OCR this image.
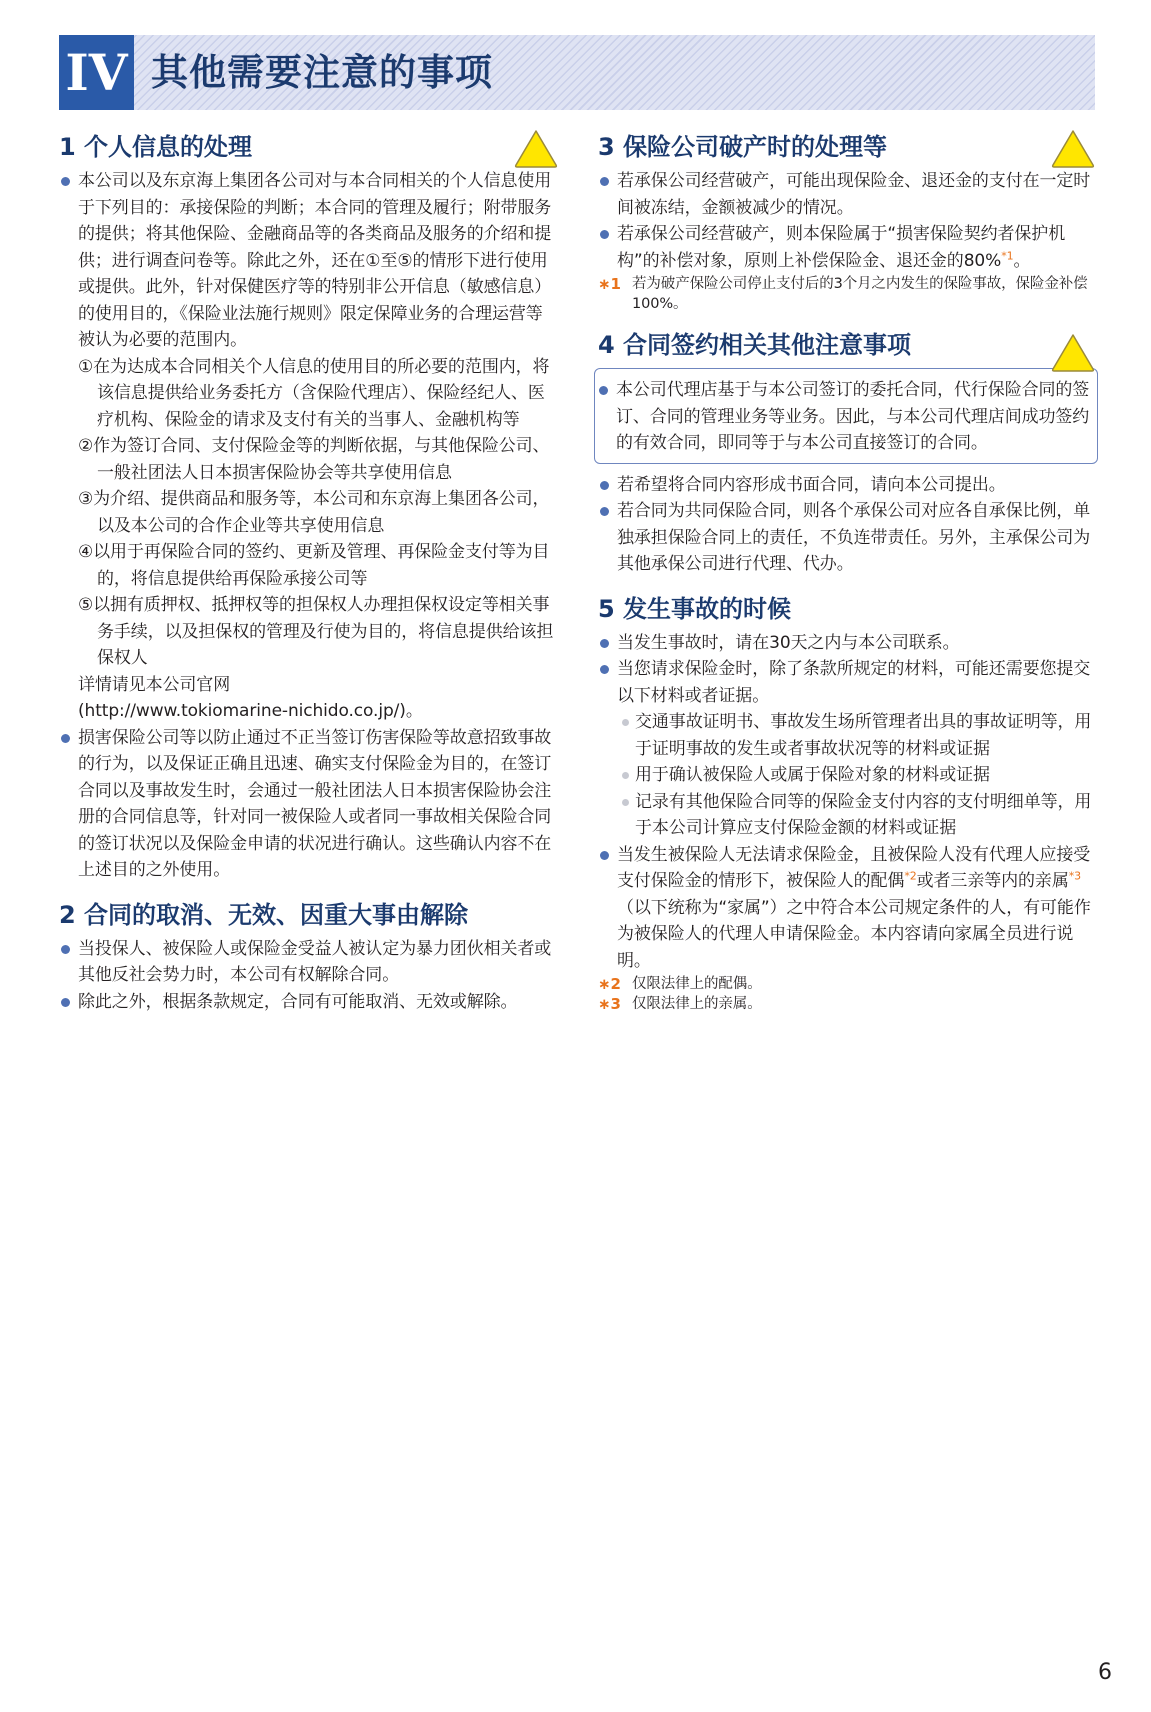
IV 其他需要注意的事项
1 个人信息的处理
本公司以及东京海上集团各公司对与本合同相关的个人信息使用于下列目的：承接保险的判断；本合同的管理及履行；附带服务的提供；将其他保险、金融商品等的各类商品及服务的介绍和提供；进行调查问卷等。除此之外，还在①至⑤的情形下进行使用或提供。此外，针对保健医疗等的特别非公开信息（敏感信息）的使用目的，《保险业法施行规则》限定保障业务的合理运营等被认为必要的范围内。
①在为达成本合同相关个人信息的使用目的所必要的范围内，将该信息提供给业务委托方（含保险代理店）、保险经纪人、医疗机构、保险金的请求及支付有关的当事人、金融机构等
②作为签订合同、支付保险金等的判断依据，与其他保险公司、一般社团法人日本损害保险协会等共享使用信息
③为介绍、提供商品和服务等，本公司和东京海上集团各公司，以及本公司的合作企业等共享使用信息
④以用于再保险合同的签约、更新及管理、再保险金支付等为目的，将信息提供给再保险承接公司等
⑤以拥有质押权、抵押权等的担保权人办理担保权设定等相关事务手续，以及担保权的管理及行使为目的，将信息提供给该担保权人
详情请见本公司官网
(http://www.tokiomarine-nichido.co.jp/)。
损害保险公司等以防止通过不正当签订伤害保险等故意招致事故的行为，以及保证正确且迅速、确实支付保险金为目的，在签订合同以及事故发生时，会通过一般社团法人日本损害保险协会注册的合同信息等，针对同一被保险人或者同一事故相关保险合同的签订状况以及保险金申请的状况进行确认。这些确认内容不在上述目的之外使用。
2 合同的取消、无效、因重大事由解除
当投保人、被保险人或保险金受益人被认定为暴力团伙相关者或其他反社会势力时，本公司有权解除合同。
除此之外，根据条款规定，合同有可能取消、无效或解除。
3 保险公司破产时的处理等
若承保公司经营破产，可能出现保险金、退还金的支付在一定时间被冻结，金额被减少的情况。
若承保公司经营破产，则本保险属于“损害保险契约者保护机构”的补偿对象，原则上补偿保险金、退还金的80%$^{*1}$。
∗1 若为破产保险公司停止支付后的3个月之内发生的保险事故，保险金补偿100%。
4 合同签约相关其他注意事项
本公司代理店基于与本公司签订的委托合同，代行保险合同的签订、合同的管理业务等业务。因此，与本公司代理店间成功签约的有效合同，即同等于与本公司直接签订的合同。
若希望将合同内容形成书面合同，请向本公司提出。
若合同为共同保险合同，则各个承保公司对应各自承保比例，单独承担保险合同上的责任，不负连带责任。另外，主承保公司为其他承保公司进行代理、代办。
5 发生事故的时候
当发生事故时，请在30天之内与本公司联系。
当您请求保险金时，除了条款所规定的材料，可能还需要您提交以下材料或者证据。
交通事故证明书、事故发生场所管理者出具的事故证明等，用于证明事故的发生或者事故状况等的材料或证据
用于确认被保险人或属于保险对象的材料或证据
记录有其他保险合同等的保险金支付内容的支付明细单等，用于本公司计算应支付保险金额的材料或证据
当发生被保险人无法请求保险金，且被保险人没有代理人应接受支付保险金的情形下，被保险人的配偶$^{*2}$或者三亲等内的亲属$^{*3}$（以下统称为“家属”）之中符合本公司规定条件的人，有可能作为被保险人的代理人申请保险金。本内容请向家属全员进行说明。
∗2 仅限法律上的配偶。
∗3 仅限法律上的亲属。
6
